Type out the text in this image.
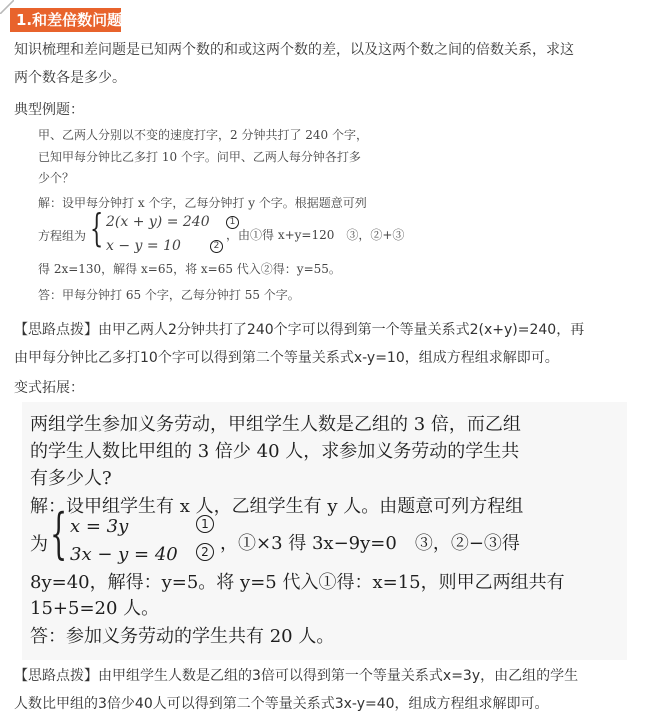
1.和差倍数问题
知识梳理和差问题是已知两个数的和或这两个数的差，以及这两个数之间的倍数关系，求这
两个数各是多少。
典型例题：
甲、乙两人分别以不变的速度打字，2 分钟共打了 240 个字，
已知甲每分钟比乙多打 10 个字。问甲、乙两人每分钟各打多
少个？
解：设甲每分钟打 x 个字，乙每分钟打 y 个字。根据题意可列
方程组为 { 2(x + y) = 240	1
x − y = 10	2
，由①得 x+y=120　③，②+③
得 2x=130，解得 x=65，将 x=65 代入②得：y=55。
答：甲每分钟打 65 个字，乙每分钟打 55 个字。
【思路点拨】由甲乙两人2分钟共打了240个字可以得到第一个等量关系式2(x+y)=240，再
由甲每分钟比乙多打10个字可以得到第二个等量关系式x-y=10，组成方程组求解即可。
变式拓展：
两组学生参加义务劳动，甲组学生人数是乙组的 3 倍，而乙组
的学生人数比甲组的 3 倍少 40 人，求参加义务劳动的学生共
有多少人?
解：设甲组学生有 x 人，乙组学生有 y 人。由题意可列方程组
为 { x = 3y	1
3x − y = 40	2 ，①×3 得 3x−9y=0　③，②−③得
8y=40，解得：y=5。将 y=5 代入①得：x=15，则甲乙两组共有
15+5=20 人。
答：参加义务劳动的学生共有 20 人。
【思路点拨】由甲组学生人数是乙组的3倍可以得到第一个等量关系式x=3y，由乙组的学生
人数比甲组的3倍少40人可以得到第二个等量关系式3x-y=40，组成方程组求解即可。
